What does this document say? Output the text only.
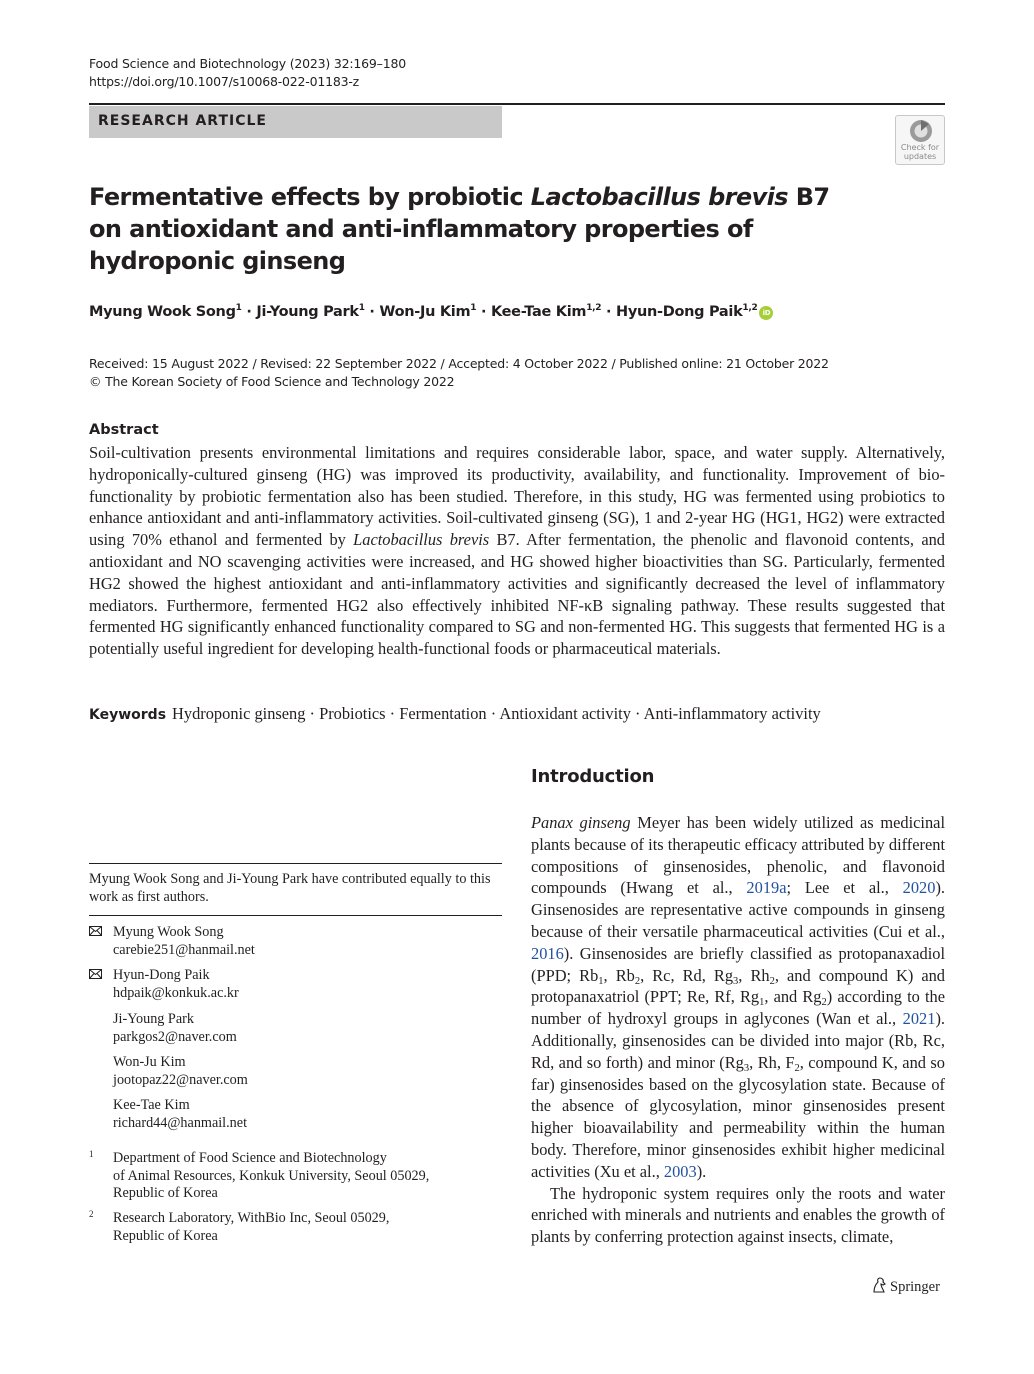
Food Science and Biotechnology (2023) 32:169–180
https://doi.org/10.1007/s10068-022-01183-z
RESEARCH ARTICLE
Check for
updates
Fermentative effects by probiotic Lactobacillus brevis B7 on antioxidant and anti-inflammatory properties of hydroponic ginseng
Myung Wook Song$^1$ · Ji-Young Park$^1$ · Won-Ju Kim$^1$ · Kee-Tae Kim$^{1,2}$ · Hyun-Dong Paik$^{1,2}$ iD
Received: 15 August 2022 / Revised: 22 September 2022 / Accepted: 4 October 2022 / Published online: 21 October 2022
© The Korean Society of Food Science and Technology 2022
Abstract

Soil-cultivation presents environmental limitations and requires considerable labor, space, and water supply. Alternatively, hydroponically-cultured ginseng (HG) was improved its productivity, availability, and functionality. Improvement of bio-functionality by probiotic fermentation also has been studied. Therefore, in this study, HG was fermented using probiotics to enhance antioxidant and anti-inflammatory activities. Soil-cultivated ginseng (SG), 1 and 2-year HG (HG1, HG2) were extracted using 70% ethanol and fermented by Lactobacillus brevis B7. After fermentation, the phenolic and flavonoid contents, and antioxidant and NO scavenging activities were increased, and HG showed higher bioactivities than SG. Particularly, fermented HG2 showed the highest antioxidant and anti-inflammatory activities and significantly decreased the level of inflammatory mediators. Furthermore, fermented HG2 also effectively inhibited NF-κB signaling pathway. These results suggested that fermented HG significantly enhanced functionality compared to SG and non-fermented HG. This suggests that fermented HG is a potentially useful ingredient for developing health-functional foods or pharmaceutical materials.

Keywords Hydroponic ginseng · Probiotics · Fermentation · Antioxidant activity · Anti-inflammatory activity

Myung Wook Song and Ji-Young Park have contributed equally to this work as first authors.

Myung Wook Song
carebie251@hanmail.net
Hyun-Dong Paik
hdpaik@konkuk.ac.kr
Ji-Young Park
parkgos2@naver.com
Won-Ju Kim
jootopaz22@naver.com
Kee-Tae Kim
richard44@hanmail.net
1 Department of Food Science and Biotechnology
of Animal Resources, Konkuk University, Seoul 05029,
Republic of Korea
2 Research Laboratory, WithBio Inc, Seoul 05029,
Republic of Korea
Introduction

Panax ginseng Meyer has been widely utilized as medicinal plants because of its therapeutic efficacy attributed by different compositions of ginsenosides, phenolic, and flavonoid compounds (Hwang et al., 2019a; Lee et al., 2020). Ginsenosides are representative active compounds in ginseng because of their versatile pharmaceutical activities (Cui et al., 2016). Ginsenosides are briefly classified as protopanaxadiol (PPD; $Rb_1$, $Rb_2$, Rc, Rd, $Rg_3$, $Rh_2$, and compound K) and protopanaxatriol (PPT; Re, Rf, $Rg_1$, and $Rg_2$) according to the number of hydroxyl groups in aglycones (Wan et al., 2021). Additionally, ginsenosides can be divided into major (Rb, Rc, Rd, and so forth) and minor ($Rg_3$, Rh, $F_2$, compound K, and so far) ginsenosides based on the glycosylation state. Because of the absence of glycosylation, minor ginsenosides present higher bioavailability and permeability within the human body. Therefore, minor ginsenosides exhibit higher medicinal activities (Xu et al., 2003).

The hydroponic system requires only the roots and water enriched with minerals and nutrients and enables the growth of plants by conferring protection against insects, climate,

Springer
